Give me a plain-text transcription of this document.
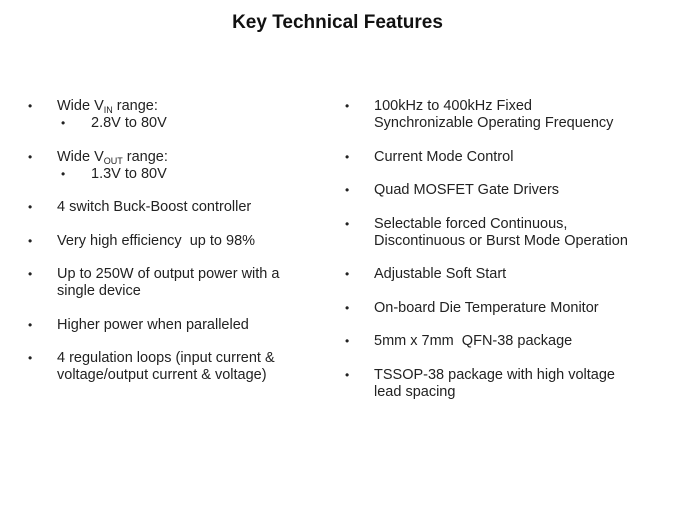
Key Technical Features
• Wide $V_{IN}$ range:
• 2.8V to 80V
• Wide $V_{OUT}$ range:
• 1.3V to 80V
• 4 switch Buck-Boost controller
• Very high efficiency  up to 98%
• Up to 250W of output power with a
single device
• Higher power when paralleled
• 4 regulation loops (input current &
voltage/output current & voltage)
• 100kHz to 400kHz Fixed
Synchronizable Operating Frequency
• Current Mode Control
• Quad MOSFET Gate Drivers
• Selectable forced Continuous,
Discontinuous or Burst Mode Operation
• Adjustable Soft Start
• On-board Die Temperature Monitor
• 5mm x 7mm  QFN-38 package
• TSSOP-38 package with high voltage
lead spacing
